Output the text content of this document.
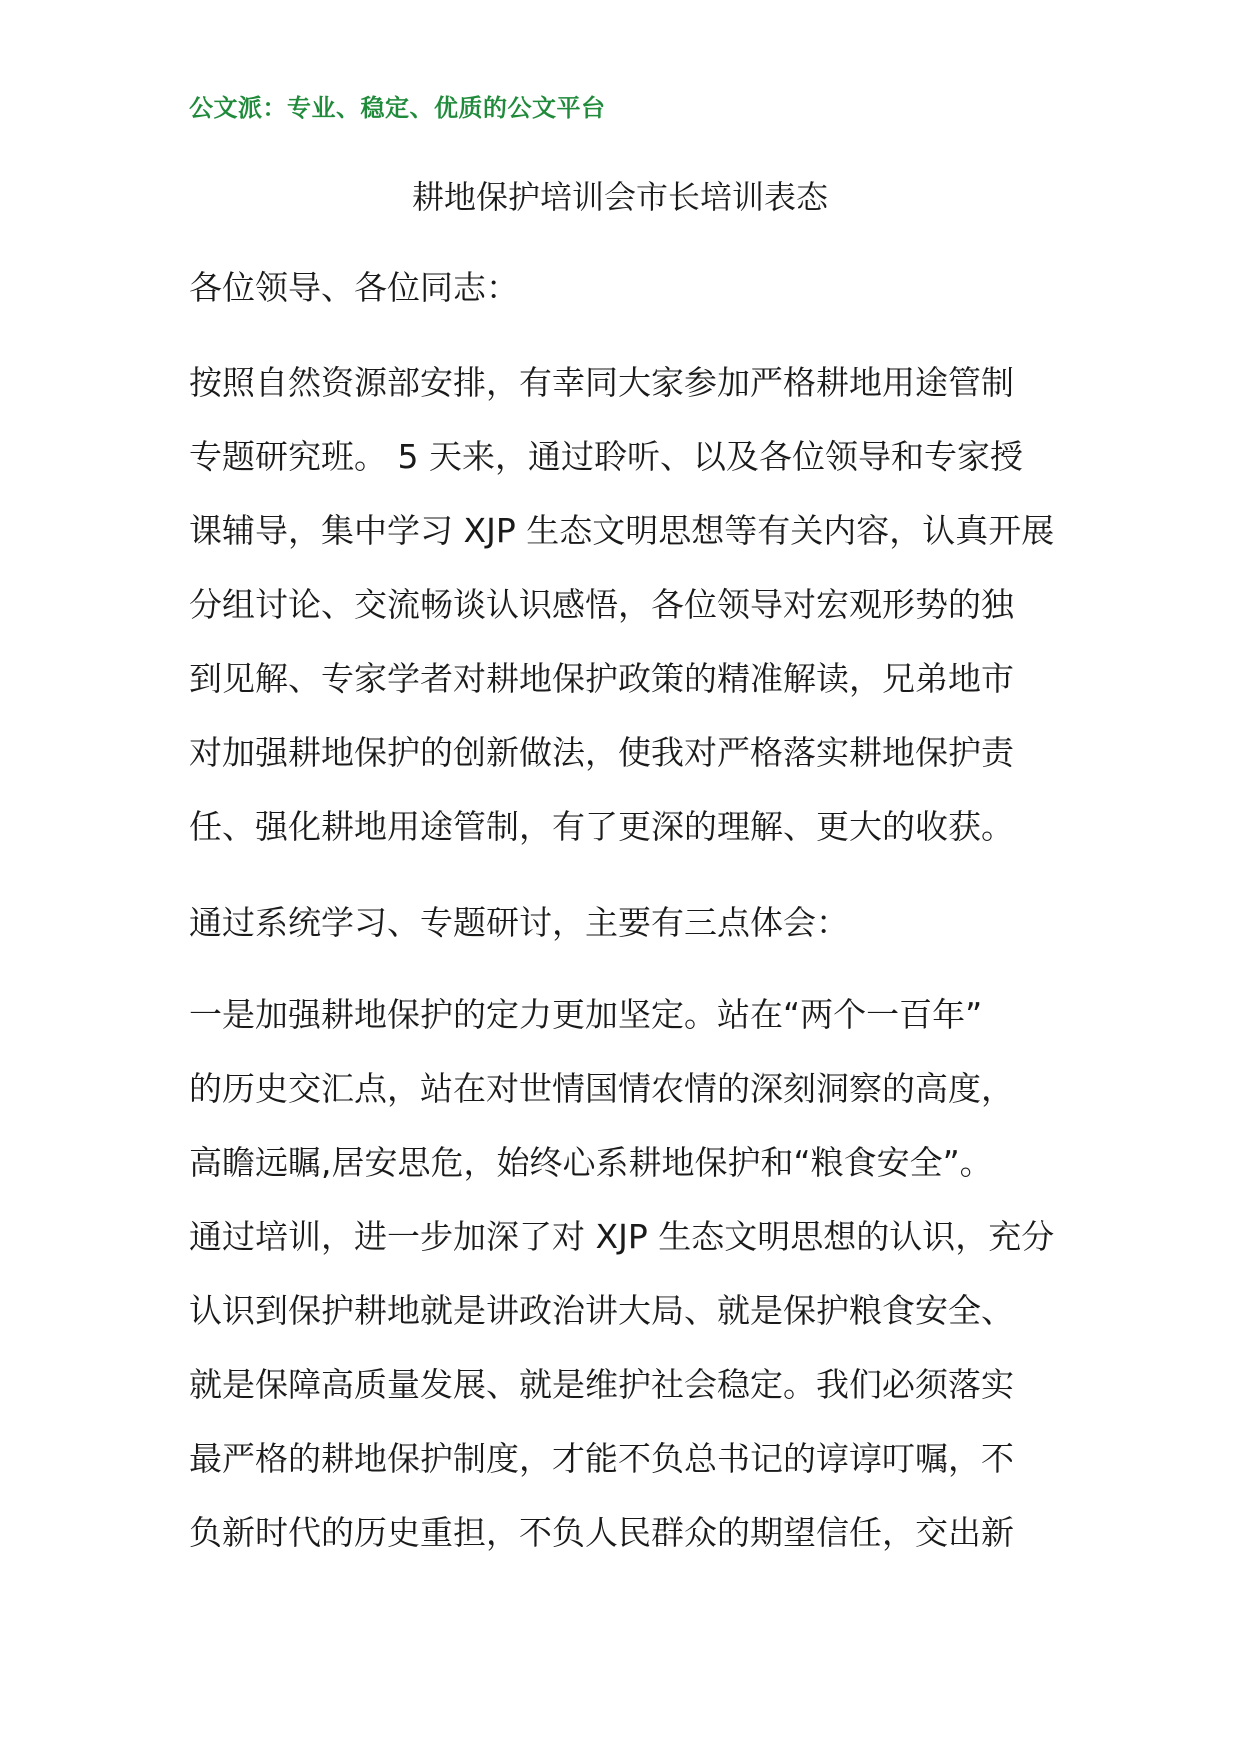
公文派：专业、稳定、优质的公文平台
耕地保护培训会市长培训表态

各位领导、各位同志：

按照自然资源部安排，有幸同大家参加严格耕地用途管制

专题研究班。 5 天来，通过聆听、以及各位领导和专家授

课辅导，集中学习 XJP 生态文明思想等有关内容，认真开展

分组讨论、交流畅谈认识感悟，各位领导对宏观形势的独

到见解、专家学者对耕地保护政策的精准解读，兄弟地市

对加强耕地保护的创新做法，使我对严格落实耕地保护责

任、强化耕地用途管制，有了更深的理解、更大的收获。

通过系统学习、专题研讨，主要有三点体会：

一是加强耕地保护的定力更加坚定。站在“两个一百年”

的历史交汇点，站在对世情国情农情的深刻洞察的高度，

高瞻远瞩,居安思危，始终心系耕地保护和“粮食安全”。

通过培训，进一步加深了对 XJP 生态文明思想的认识，充分

认识到保护耕地就是讲政治讲大局、就是保护粮食安全、

就是保障高质量发展、就是维护社会稳定。我们必须落实

最严格的耕地保护制度，才能不负总书记的谆谆叮嘱，不

负新时代的历史重担，不负人民群众的期望信任，交出新
